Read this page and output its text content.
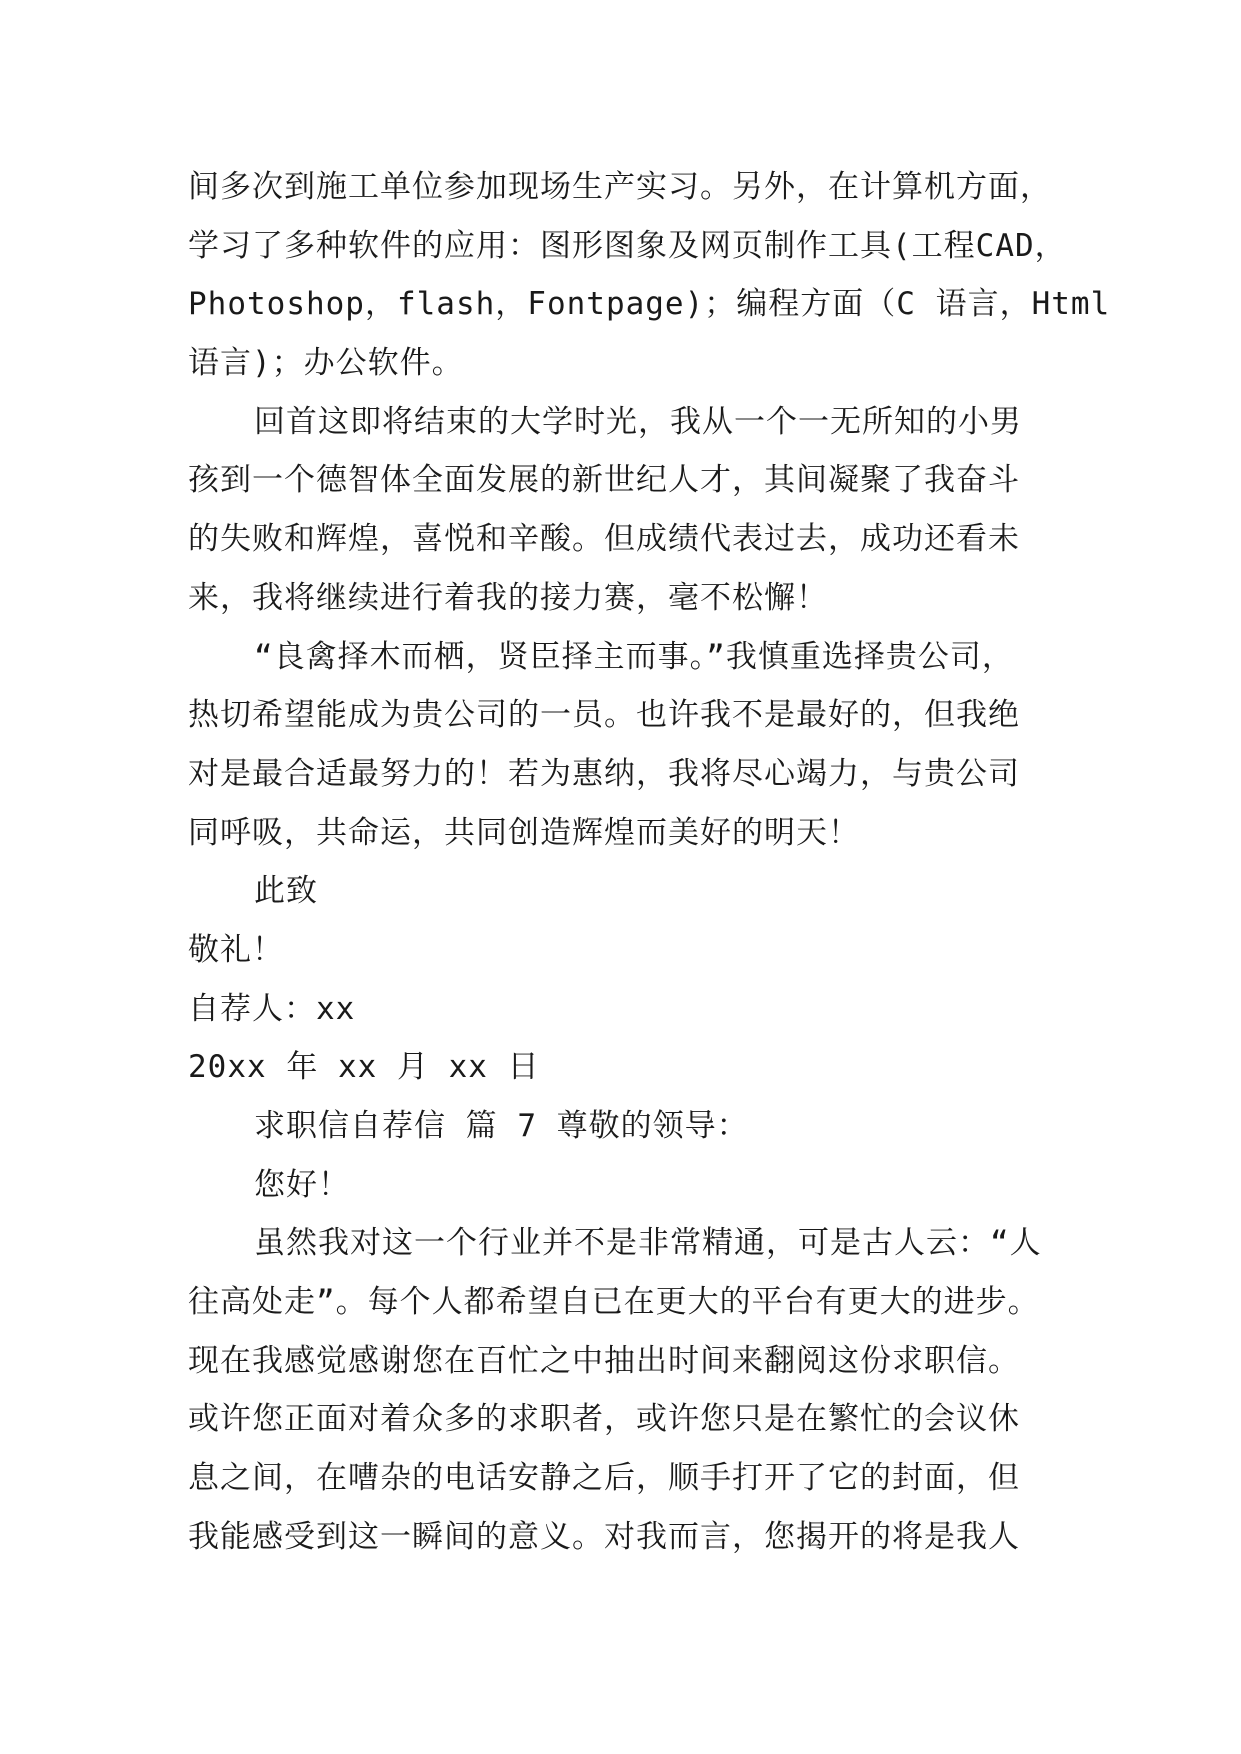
间多次到施工单位参加现场生产实习。另外，在计算机方面，
学习了多种软件的应用：图形图象及网页制作工具(工程CAD，
Photoshop，flash，Fontpage)；编程方面（C 语言，Html
语言)；办公软件。
回首这即将结束的大学时光，我从一个一无所知的小男
孩到一个德智体全面发展的新世纪人才，其间凝聚了我奋斗
的失败和辉煌，喜悦和辛酸。但成绩代表过去，成功还看未
来，我将继续进行着我的接力赛，毫不松懈！
“良禽择木而栖，贤臣择主而事。”我慎重选择贵公司，
热切希望能成为贵公司的一员。也许我不是最好的，但我绝
对是最合适最努力的！若为惠纳，我将尽心竭力，与贵公司
同呼吸，共命运，共同创造辉煌而美好的明天！
此致
敬礼！
自荐人：xx
20xx 年 xx 月 xx 日
求职信自荐信 篇 7 尊敬的领导：
您好！
虽然我对这一个行业并不是非常精通，可是古人云：“人
往高处走”。每个人都希望自已在更大的平台有更大的进步。
现在我感觉感谢您在百忙之中抽出时间来翻阅这份求职信。
或许您正面对着众多的求职者，或许您只是在繁忙的会议休
息之间，在嘈杂的电话安静之后，顺手打开了它的封面，但
我能感受到这一瞬间的意义。对我而言，您揭开的将是我人
